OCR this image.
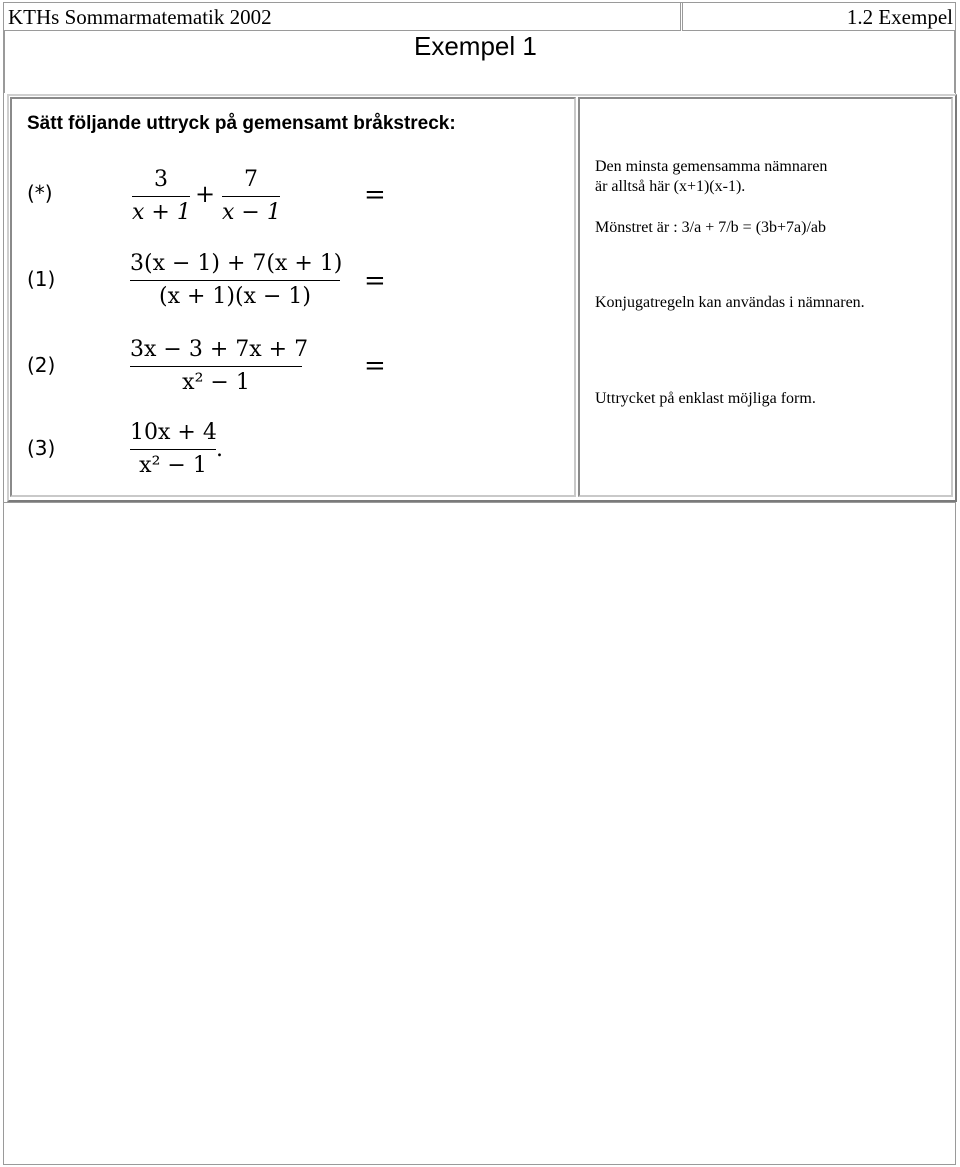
KTHs Sommarmatematik 2002	1.2 Exempel
Exempel 1
Sätt följande uttryck på gemensamt bråkstreck:
(*)
3
x + 1
+
7
x − 1
=
(1)
3(x − 1) + 7(x + 1)
(x + 1)(x − 1)
=
(2)
3x − 3 + 7x + 7
x² − 1
=
(3)
10x + 4
x² − 1
.
Den minsta gemensamma nämnaren
är alltså här (x+1)(x-1).
Mönstret är : 3/a + 7/b = (3b+7a)/ab
Konjugatregeln kan användas i nämnaren.
Uttrycket på enklast möjliga form.
